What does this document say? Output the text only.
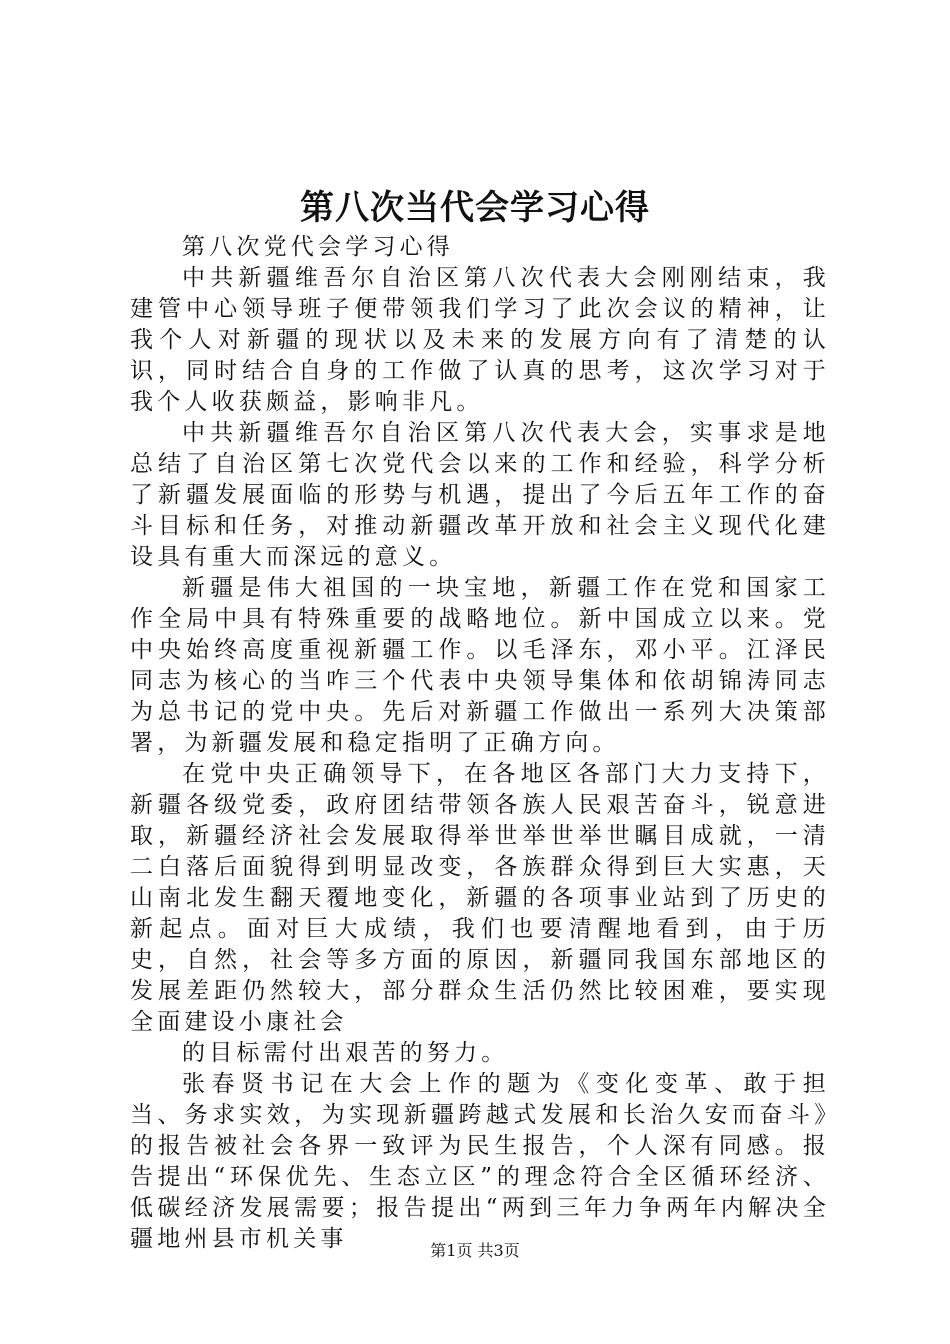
第八次当代会学习心得

第八次党代会学习心得

中共新疆维吾尔自治区第八次代表大会刚刚结束，我建管中心领导班子便带领我们学习了此次会议的精神，让我个人对新疆的现状以及未来的发展方向有了清楚的认识，同时结合自身的工作做了认真的思考，这次学习对于我个人收获颇益，影响非凡。

中共新疆维吾尔自治区第八次代表大会，实事求是地总结了自治区第七次党代会以来的工作和经验，科学分析了新疆发展面临的形势与机遇，提出了今后五年工作的奋斗目标和任务，对推动新疆改革开放和社会主义现代化建设具有重大而深远的意义。

新疆是伟大祖国的一块宝地，新疆工作在党和国家工作全局中具有特殊重要的战略地位。新中国成立以来。党中央始终高度重视新疆工作。以毛泽东，邓小平。江泽民同志为核心的当咋三个代表中央领导集体和依胡锦涛同志为总书记的党中央。先后对新疆工作做出一系列大决策部署，为新疆发展和稳定指明了正确方向。

在党中央正确领导下，在各地区各部门大力支持下，新疆各级党委，政府团结带领各族人民艰苦奋斗，锐意进取，新疆经济社会发展取得举世举世举世瞩目成就，一清二白落后面貌得到明显改变，各族群众得到巨大实惠，天山南北发生翻天覆地变化，新疆的各项事业站到了历史的新起点。面对巨大成绩，我们也要清醒地看到，由于历史，自然，社会等多方面的原因，新疆同我国东部地区的发展差距仍然较大，部分群众生活仍然比较困难，要实现全面建设小康社会

的目标需付出艰苦的努力。

张春贤书记在大会上作的题为《变化变革、敢于担当、务求实效，为实现新疆跨越式发展和长治久安而奋斗》的报告被社会各界一致评为民生报告，个人深有同感。报告提出“环保优先、生态立区”的理念符合全区循环经济、低碳经济发展需要；报告提出“两到三年力争两年内解决全疆地州县市机关事	第1页 共3页
